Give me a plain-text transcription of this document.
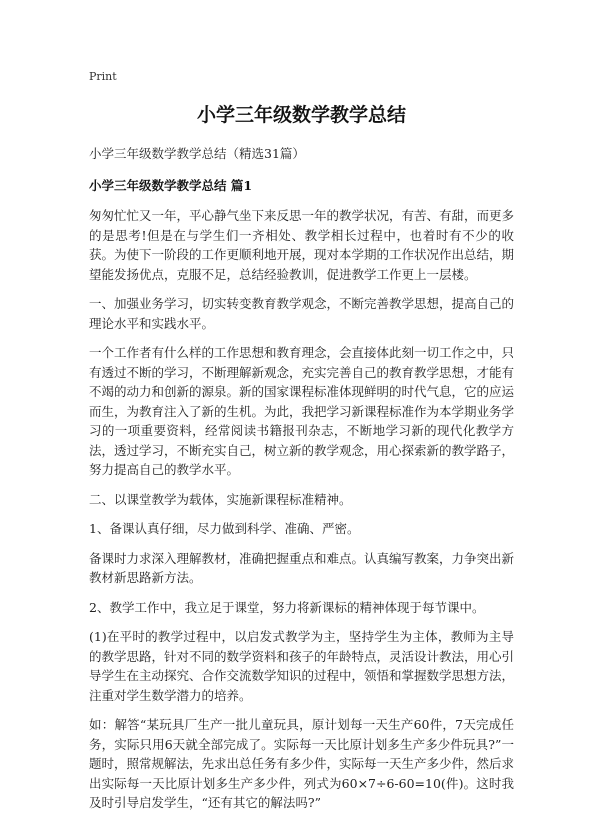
Print
小学三年级数学教学总结
小学三年级数学教学总结（精选31篇）
小学三年级数学教学总结 篇1

匆匆忙忙又一年，平心静气坐下来反思一年的教学状况，有苦、有甜，而更多的是思考!但是在与学生们一齐相处、教学相长过程中，也着时有不少的收获。为使下一阶段的工作更顺利地开展，现对本学期的工作状况作出总结，期望能发扬优点，克服不足，总结经验教训，促进教学工作更上一层楼。

一、加强业务学习，切实转变教育教学观念，不断完善教学思想，提高自己的理论水平和实践水平。

一个工作者有什么样的工作思想和教育理念，会直接体此刻一切工作之中，只有透过不断的学习，不断理解新观念，充实完善自己的教育教学思想，才能有不竭的动力和创新的源泉。新的国家课程标准体现鲜明的时代气息，它的应运而生，为教育注入了新的生机。为此，我把学习新课程标准作为本学期业务学习的一项重要资料，经常阅读书籍报刊杂志，不断地学习新的现代化教学方法，透过学习，不断充实自己，树立新的教学观念，用心探索新的教学路子，努力提高自己的教学水平。

二、以课堂教学为载体，实施新课程标准精神。

1、备课认真仔细，尽力做到科学、准确、严密。

备课时力求深入理解教材，准确把握重点和难点。认真编写教案，力争突出新教材新思路新方法。

2、教学工作中，我立足于课堂，努力将新课标的精神体现于每节课中。

(1)在平时的教学过程中，以启发式教学为主，坚持学生为主体，教师为主导的教学思路，针对不同的数学资料和孩子的年龄特点，灵活设计教法，用心引导学生在主动探究、合作交流数学知识的过程中，领悟和掌握数学思想方法，注重对学生数学潜力的培养。

如：解答“某玩具厂生产一批儿童玩具，原计划每一天生产60件，7天完成任务，实际只用6天就全部完成了。实际每一天比原计划多生产多少件玩具?”一题时，照常规解法，先求出总任务有多少件，实际每一天生产多少件，然后求出实际每一天比原计划多生产多少件，列式为60×7÷6-60=10(件)。这时我及时引导启发学生，“还有其它的解法吗?”
